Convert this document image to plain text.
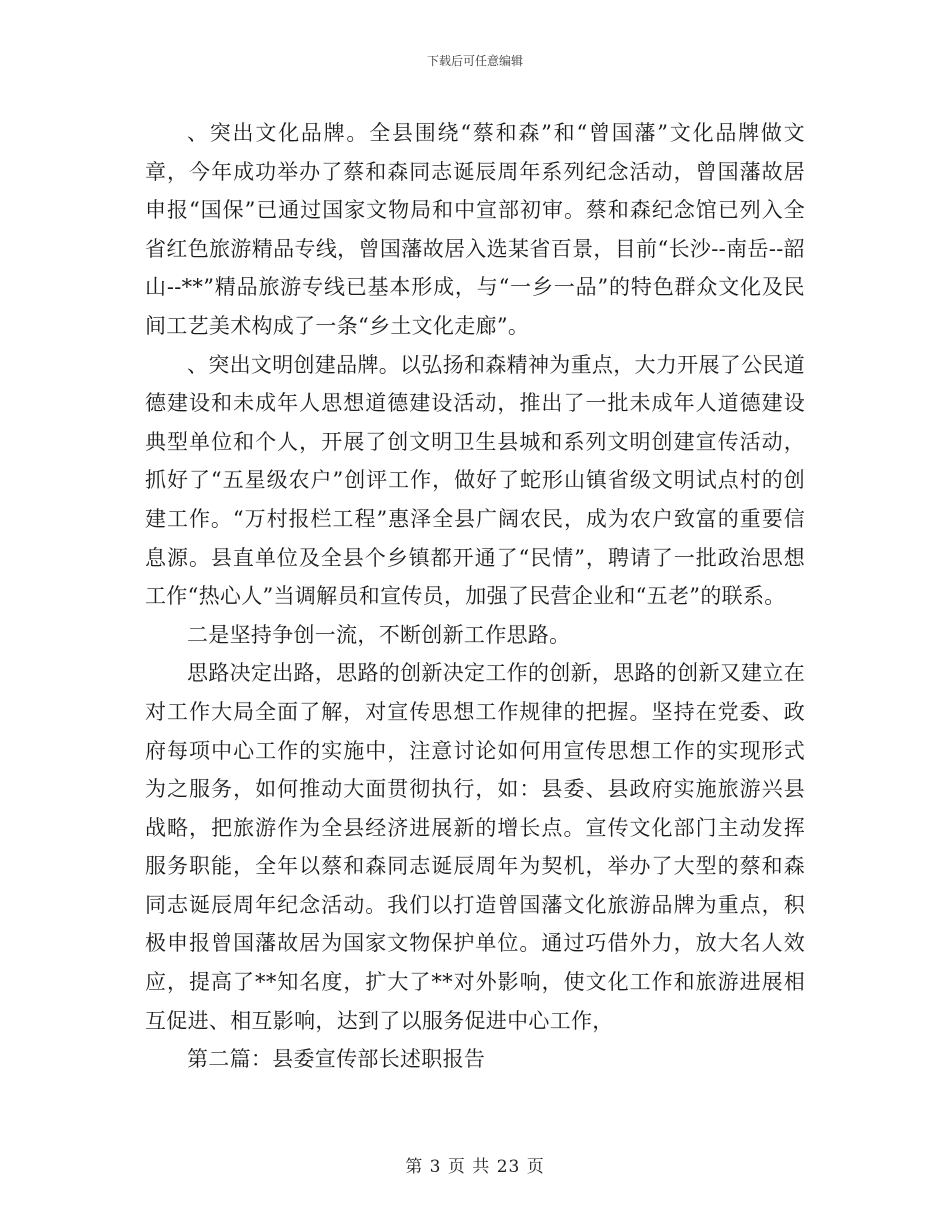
下载后可任意编辑

、突出文化品牌。全县围绕“蔡和森”和“曾国藩”文化品牌做文章，今年成功举办了蔡和森同志诞辰周年系列纪念活动，曾国藩故居申报“国保”已通过国家文物局和中宣部初审。蔡和森纪念馆已列入全省红色旅游精品专线，曾国藩故居入选某省百景，目前“长沙--南岳--韶山--**”精品旅游专线已基本形成，与“一乡一品”的特色群众文化及民间工艺美术构成了一条“乡土文化走廊”。

、突出文明创建品牌。以弘扬和森精神为重点，大力开展了公民道德建设和未成年人思想道德建设活动，推出了一批未成年人道德建设典型单位和个人，开展了创文明卫生县城和系列文明创建宣传活动，抓好了“五星级农户”创评工作，做好了蛇形山镇省级文明试点村的创建工作。“万村报栏工程”惠泽全县广阔农民，成为农户致富的重要信息源。县直单位及全县个乡镇都开通了“民情”，聘请了一批政治思想工作“热心人”当调解员和宣传员，加强了民营企业和“五老”的联系。

二是坚持争创一流，不断创新工作思路。

思路决定出路，思路的创新决定工作的创新，思路的创新又建立在对工作大局全面了解，对宣传思想工作规律的把握。坚持在党委、政府每项中心工作的实施中，注意讨论如何用宣传思想工作的实现形式为之服务，如何推动大面贯彻执行，如：县委、县政府实施旅游兴县战略，把旅游作为全县经济进展新的增长点。宣传文化部门主动发挥服务职能，全年以蔡和森同志诞辰周年为契机，举办了大型的蔡和森同志诞辰周年纪念活动。我们以打造曾国藩文化旅游品牌为重点，积极申报曾国藩故居为国家文物保护单位。通过巧借外力，放大名人效应，提高了**知名度，扩大了**对外影响，使文化工作和旅游进展相互促进、相互影响，达到了以服务促进中心工作，

第二篇：县委宣传部长述职报告

第 3 页 共 23 页
